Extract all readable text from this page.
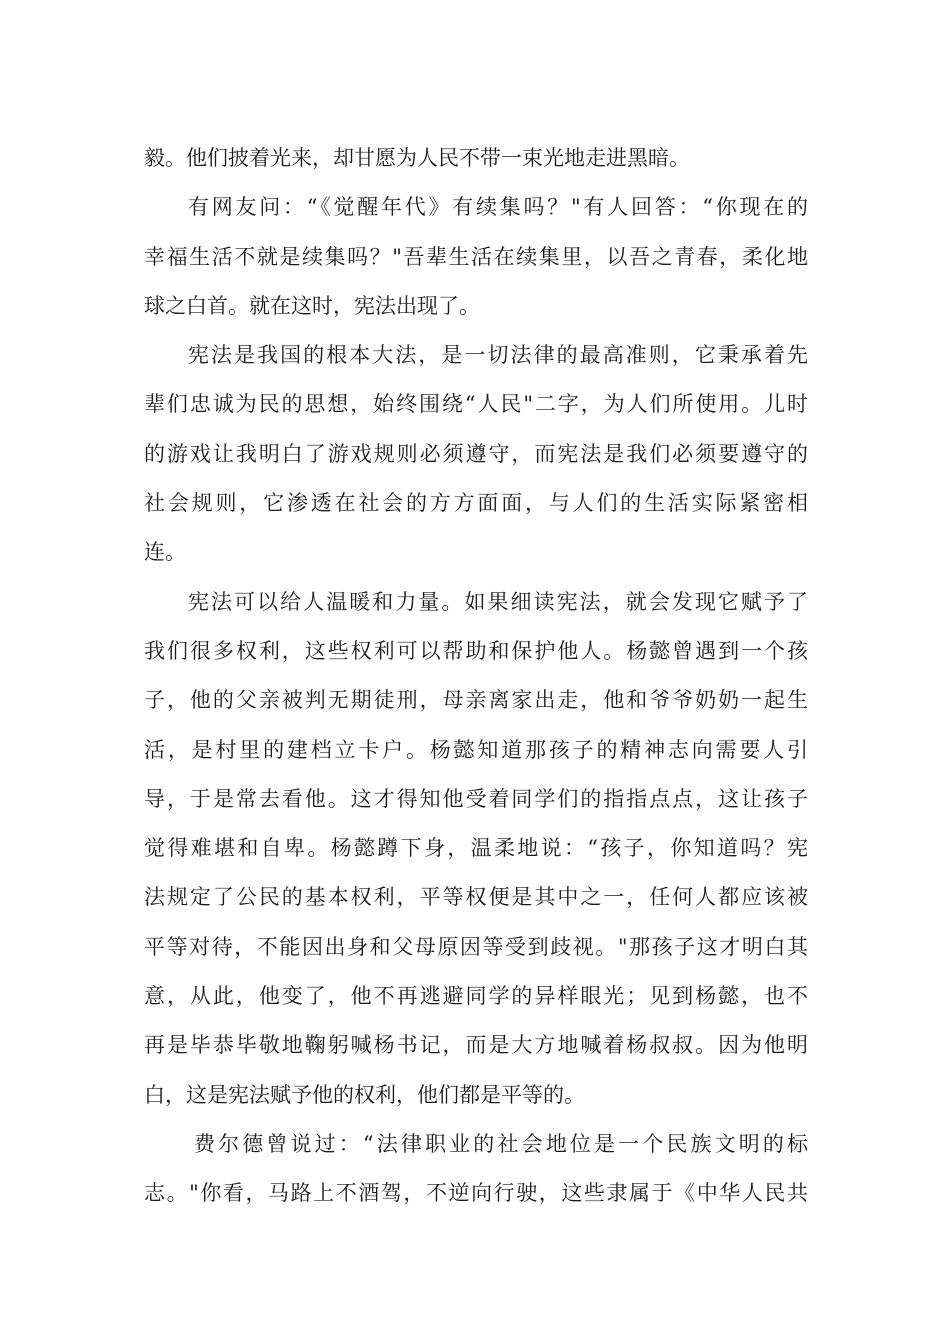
毅。他们披着光来，却甘愿为人民不带一束光地走进黑暗。
有网友问：“《觉醒年代》有续集吗？"有人回答：“你现在的
幸福生活不就是续集吗？"吾辈生活在续集里，以吾之青春，柔化地
球之白首。就在这时，宪法出现了。
宪法是我国的根本大法，是一切法律的最高准则，它秉承着先
辈们忠诚为民的思想，始终围绕“人民"二字，为人们所使用。儿时
的游戏让我明白了游戏规则必须遵守，而宪法是我们必须要遵守的
社会规则，它渗透在社会的方方面面，与人们的生活实际紧密相
连。
宪法可以给人温暖和力量。如果细读宪法，就会发现它赋予了
我们很多权利，这些权利可以帮助和保护他人。杨懿曾遇到一个孩
子，他的父亲被判无期徒刑，母亲离家出走，他和爷爷奶奶一起生
活，是村里的建档立卡户。杨懿知道那孩子的精神志向需要人引
导，于是常去看他。这才得知他受着同学们的指指点点，这让孩子
觉得难堪和自卑。杨懿蹲下身，温柔地说：“孩子，你知道吗？宪
法规定了公民的基本权利，平等权便是其中之一，任何人都应该被
平等对待，不能因出身和父母原因等受到歧视。"那孩子这才明白其
意，从此，他变了，他不再逃避同学的异样眼光；见到杨懿，也不
再是毕恭毕敬地鞠躬喊杨书记，而是大方地喊着杨叔叔。因为他明
白，这是宪法赋予他的权利，他们都是平等的。
费尔德曾说过：“法律职业的社会地位是一个民族文明的标
志。"你看，马路上不酒驾，不逆向行驶，这些隶属于《中华人民共
